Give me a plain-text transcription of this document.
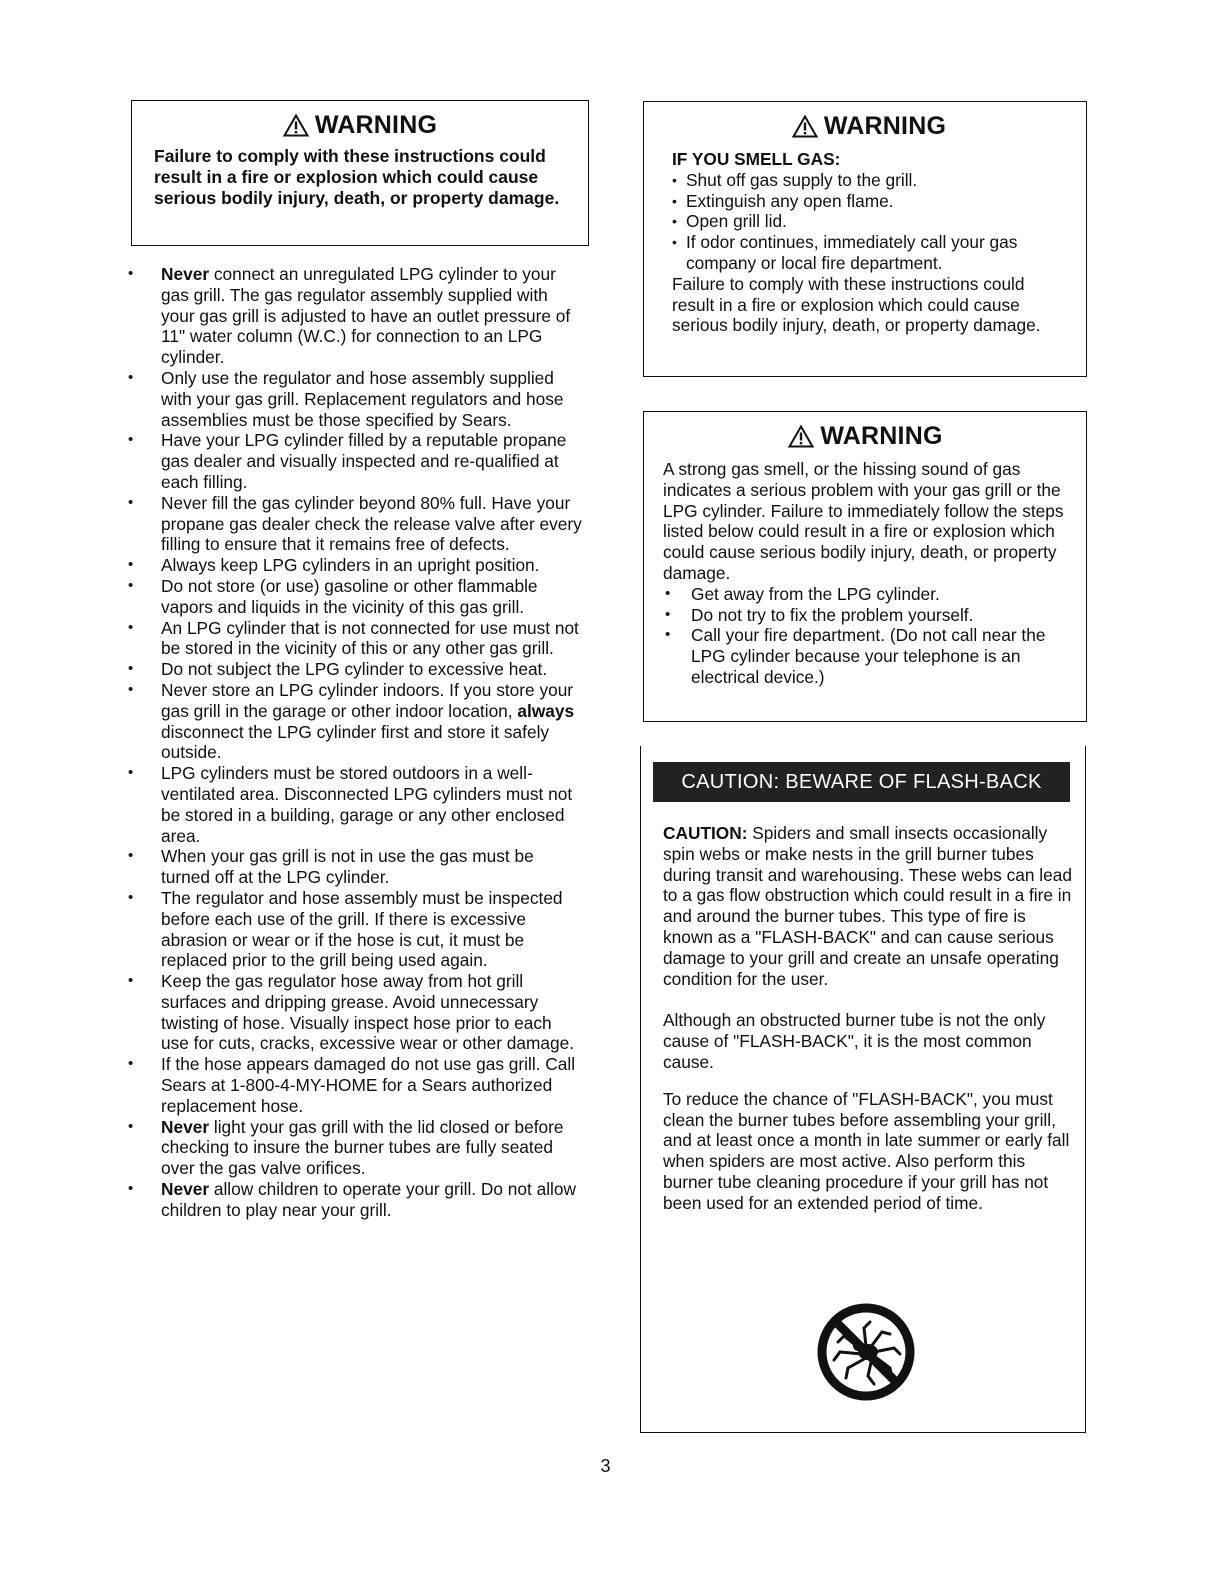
WARNING

Failure to comply with these instructions could result in a fire or explosion which could cause serious bodily injury, death, or property damage.

• Never connect an unregulated LPG cylinder to your gas grill. The gas regulator assembly supplied with your gas grill is adjusted to have an outlet pressure of 11" water column (W.C.) for connection to an LPG cylinder.
• Only use the regulator and hose assembly supplied with your gas grill. Replacement regulators and hose assemblies must be those specified by Sears.
• Have your LPG cylinder filled by a reputable propane gas dealer and visually inspected and re-qualified at each filling.
• Never fill the gas cylinder beyond 80% full. Have your propane gas dealer check the release valve after every filling to ensure that it remains free of defects.
• Always keep LPG cylinders in an upright position.
• Do not store (or use) gasoline or other flammable vapors and liquids in the vicinity of this gas grill.
• An LPG cylinder that is not connected for use must not be stored in the vicinity of this or any other gas grill.
• Do not subject the LPG cylinder to excessive heat.
• Never store an LPG cylinder indoors. If you store your gas grill in the garage or other indoor location, always disconnect the LPG cylinder first and store it safely outside.
• LPG cylinders must be stored outdoors in a well-ventilated area. Disconnected LPG cylinders must not be stored in a building, garage or any other enclosed area.
• When your gas grill is not in use the gas must be turned off at the LPG cylinder.
• The regulator and hose assembly must be inspected before each use of the grill. If there is excessive abrasion or wear or if the hose is cut, it must be replaced prior to the grill being used again.
• Keep the gas regulator hose away from hot grill surfaces and dripping grease. Avoid unnecessary twisting of hose. Visually inspect hose prior to each use for cuts, cracks, excessive wear or other damage.
• If the hose appears damaged do not use gas grill. Call Sears at 1-800-4-MY-HOME for a Sears authorized replacement hose.
• Never light your gas grill with the lid closed or before checking to insure the burner tubes are fully seated over the gas valve orifices.
• Never allow children to operate your grill. Do not allow children to play near your grill.
WARNING

IF YOU SMELL GAS:

• Shut off gas supply to the grill.
• Extinguish any open flame.
• Open grill lid.
• If odor continues, immediately call your gas company or local fire department.

Failure to comply with these instructions could result in a fire or explosion which could cause serious bodily injury, death, or property damage.

WARNING

A strong gas smell, or the hissing sound of gas indicates a serious problem with your gas grill or the LPG cylinder. Failure to immediately follow the steps listed below could result in a fire or explosion which could cause serious bodily injury, death, or property damage.

• Get away from the LPG cylinder.
• Do not try to fix the problem yourself.
• Call your fire department. (Do not call near the LPG cylinder because your telephone is an electrical device.)
CAUTION: BEWARE OF FLASH-BACK

CAUTION: Spiders and small insects occasionally spin webs or make nests in the grill burner tubes during transit and warehousing. These webs can lead to a gas flow obstruction which could result in a fire in and around the burner tubes. This type of fire is known as a "FLASH-BACK" and can cause serious damage to your grill and create an unsafe operating condition for the user.

Although an obstructed burner tube is not the only cause of "FLASH-BACK", it is the most common cause.

To reduce the chance of "FLASH-BACK", you must clean the burner tubes before assembling your grill, and at least once a month in late summer or early fall when spiders are most active. Also perform this burner tube cleaning procedure if your grill has not been used for an extended period of time.

3
